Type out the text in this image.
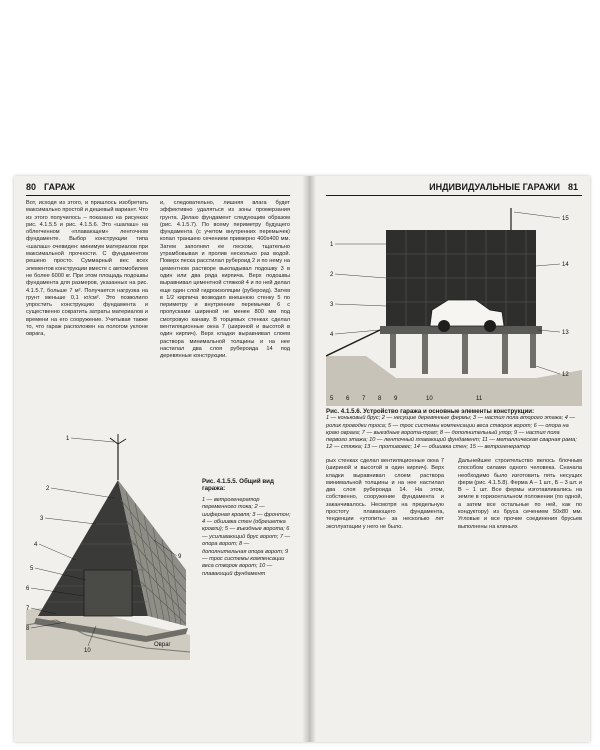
80 ГАРАЖ	ИНДИВИДУАЛЬНЫЕ ГАРАЖИ 81
Вот, исходя из этого, и пришлось изобретать максимально простой и дешевый вариант. Что из этого получилось – показано на рисунках рис. 4.1.5.5 и рис. 4.1.5.6. Это «шалаш» на облегченном «плавающем» ленточном фундаменте. Выбор конструкции типа «шалаш» очевиден: минимум материалов при максимальной прочности. С фундаментом решено просто. Суммарный вес всех элементов конструкции вместе с автомобилем не более 6000 кг. При этом площадь подошвы фундамента для размеров, указанных на рис. 4.1.5.7, больше 7 м². Получается нагрузка на грунт меньше 0,1 кг/см². Это позволило упростить конструкцию фундамента и существенно сократить затраты материалов и времени на его сооружение. Учитывая также то, что гараж расположен на пологом уклоне оврага,
и, следовательно, лишняя влага будет эффективно удаляться из зоны промерзания грунта. Делаю фундамент следующим образом (рис. 4.1.5.7). По всему периметру будущего фундамента (с учетом внутренних перемычек) копал траншею сечением примерно 400х400 мм. Затем заполнял ее песком, тщательно утрамбовывая и пролив несколько раз водой. Поверх песка расстилал рубероид 2 и по нему на цементном растворе выкладывал подошву 3 в один или два ряда кирпича. Верх подошвы выравнивал цементной стяжкой 4 и по ней делал еще один слой гидроизоляции (рубероид). Затем в 1/2 кирпича возводил внешнюю стенку 5 по периметру и внутренние перемычки 6 с пропусками шириной не менее 800 мм под смотровую канаву. В торцевых стенках сделал вентиляционные окна 7 (шириной и высотой в один кирпич). Верх кладки выравнивал слоем раствора минимальной толщины и на нее настилал два слоя рубероида 14 под деревянные конструкции.
1
2
3
4
5
6
7
8
9
10
Овраг
Рис. 4.1.5.5. Общий вид гаража:
1 — ветрогенератор переменного тока; 2 — шиферная кровля; 3 — фронтон; 4 — обшивка стен (обрешетка кровли); 5 — въездные ворота; 6 — усиливающий брус ворот; 7 — опора ворот; 8 — дополнительная опора ворот; 9 — трос системы компенсации веса створок ворот; 10 — плавающий фундамент
1
2
3
4
5 6 7 8 9	10	11
12
13
14
15
Рис. 4.1.5.6. Устройство гаража и основные элементы конструкции:
1 — коньковый брус; 2 — несущие деревянные фермы; 3 — настил пола второго этажа; 4 — ролик проводки троса; 5 — трос системы компенсации веса створок ворот; 6 — опора на краю оврага; 7 — выездные ворота-трап; 8 — дополнительный упор; 9 — настил пола первого этажа; 10 — ленточный плавающий фундамент; 11 — металлическая сварная рама; 12 — стяжка; 13 — противовес; 14 — обшивка стен; 15 — ветрогенератор
рых стенках сделал вентиляционные окна 7 (шириной и высотой в один кирпич). Верх кладки выравнивал слоем раствора минимальной толщины и на нее настилал два слоя рубероида 14. На этом, собственно, сооружение фундамента и заканчивалось. Несмотря на предельную простоту плавающего фундамента, тенденции «утопить» за несколько лет эксплуатации у него не было.
Дальнейшее строительство велось блочным способом силами одного человека. Сначала необходимо было изготовить пять несущих ферм (рис. 4.1.5.8). Ферма A – 1 шт., Б – 3 шт. и В – 1 шт. Все фермы изготавливались на земле в горизонтальном положении (по одной, а затем все остальные по ней, как по кондуктору) из бруса сечением 50х80 мм. Угловые и все прочие соединения брусьев выполнены на клиньях
